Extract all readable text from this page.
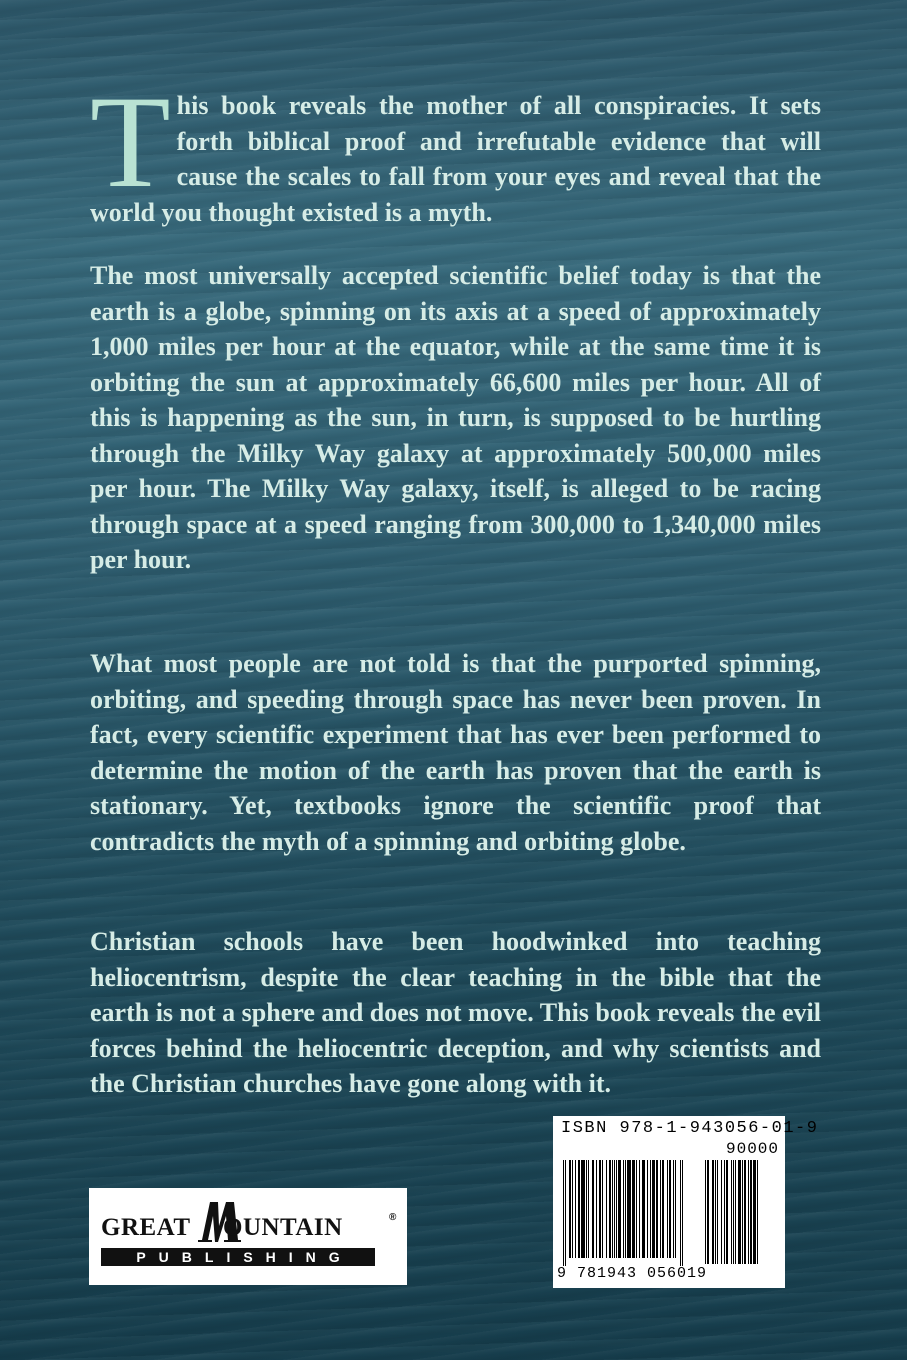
This book reveals the mother of all conspiracies. It sets forth biblical proof and irrefutable evidence that will cause the scales to fall from your eyes and reveal that the world you thought existed is a myth.

The most universally accepted scientific belief today is that the earth is a globe, spinning on its axis at a speed of approximately 1,000 miles per hour at the equator, while at the same time it is orbiting the sun at approximately 66,600 miles per hour. All of this is happening as the sun, in turn, is supposed to be hurtling through the Milky Way galaxy at approximately 500,000 miles per hour. The Milky Way galaxy, itself, is alleged to be racing through space at a speed ranging from 300,000 to 1,340,000 miles per hour.

What most people are not told is that the purported spinning, orbiting, and speeding through space has never been proven. In fact, every scientific experiment that has ever been performed to determine the motion of the earth has proven that the earth is stationary. Yet, textbooks ignore the scientific proof that contradicts the myth of a spinning and orbiting globe.

Christian schools have been hoodwinked into teaching heliocentrism, despite the clear teaching in the bible that the earth is not a sphere and does not move. This book reveals the evil forces behind the heliocentric deception, and why scientists and the Christian churches have gone along with it.

GREAT OUNTAIN	®
PUBLISHING
ISBN 978-1-943056-01-9
90000
9 781943 056019
